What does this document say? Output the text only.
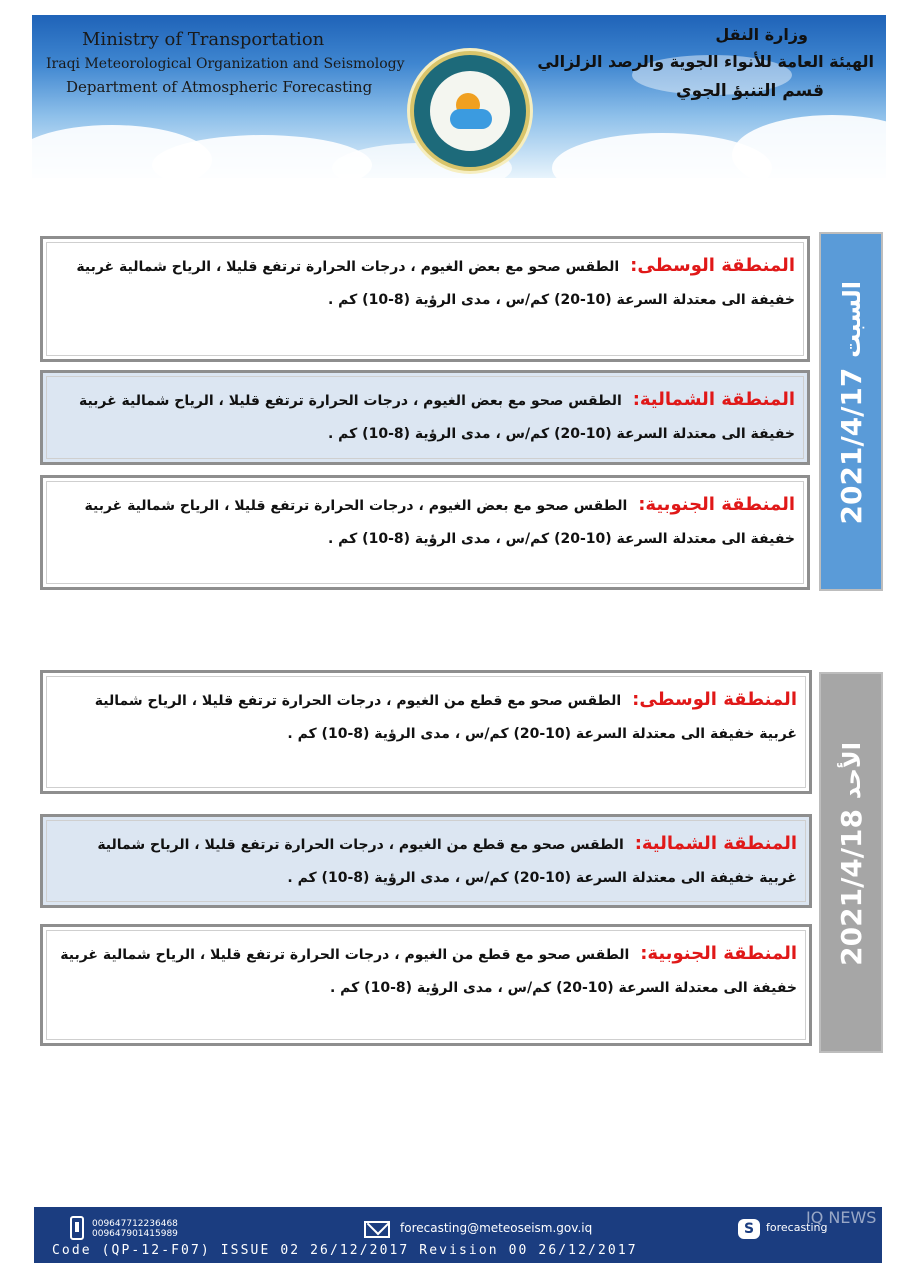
Ministry of Transportation
Iraqi Meteorological Organization and Seismology
Department of Atmospheric Forecasting
وزارة النقل
الهيئة العامة للأنواء الجوية والرصد الزلزالي
قسم التنبؤ الجوي
2021/4/17 السبت
المنطقة الوسطى: الطقس صحو مع بعض الغيوم ، درجات الحرارة ترتفع قليلا ، الرياح شمالية غربية خفيفة الى معتدلة السرعة (10-20) كم/س ، مدى الرؤية (8-10) كم .
المنطقة الشمالية: الطقس صحو مع بعض الغيوم ، درجات الحرارة ترتفع قليلا ، الرياح شمالية غربية خفيفة الى معتدلة السرعة (10-20) كم/س ، مدى الرؤية (8-10) كم .
المنطقة الجنوبية: الطقس صحو مع بعض الغيوم ، درجات الحرارة ترتفع قليلا ، الرياح شمالية غربية خفيفة الى معتدلة السرعة (10-20) كم/س ، مدى الرؤية (8-10) كم .
2021/4/18 الأحد
المنطقة الوسطى: الطقس صحو مع قطع من الغيوم ، درجات الحرارة ترتفع قليلا ، الرياح شمالية غربية خفيفة الى معتدلة السرعة (10-20) كم/س ، مدى الرؤية (8-10) كم .
المنطقة الشمالية: الطقس صحو مع قطع من الغيوم ، درجات الحرارة ترتفع قليلا ، الرياح شمالية غربية خفيفة الى معتدلة السرعة (10-20) كم/س ، مدى الرؤية (8-10) كم .
المنطقة الجنوبية: الطقس صحو مع قطع من الغيوم ، درجات الحرارة ترتفع قليلا ، الرياح شمالية غربية خفيفة الى معتدلة السرعة (10-20) كم/س ، مدى الرؤية (8-10) كم .
009647712236468
009647901415989	forecasting@meteoseism.gov.iq	S	forecasting
Code (QP-12-F07) ISSUE 02 26/12/2017 Revision 00 26/12/2017
IQ NEWS
